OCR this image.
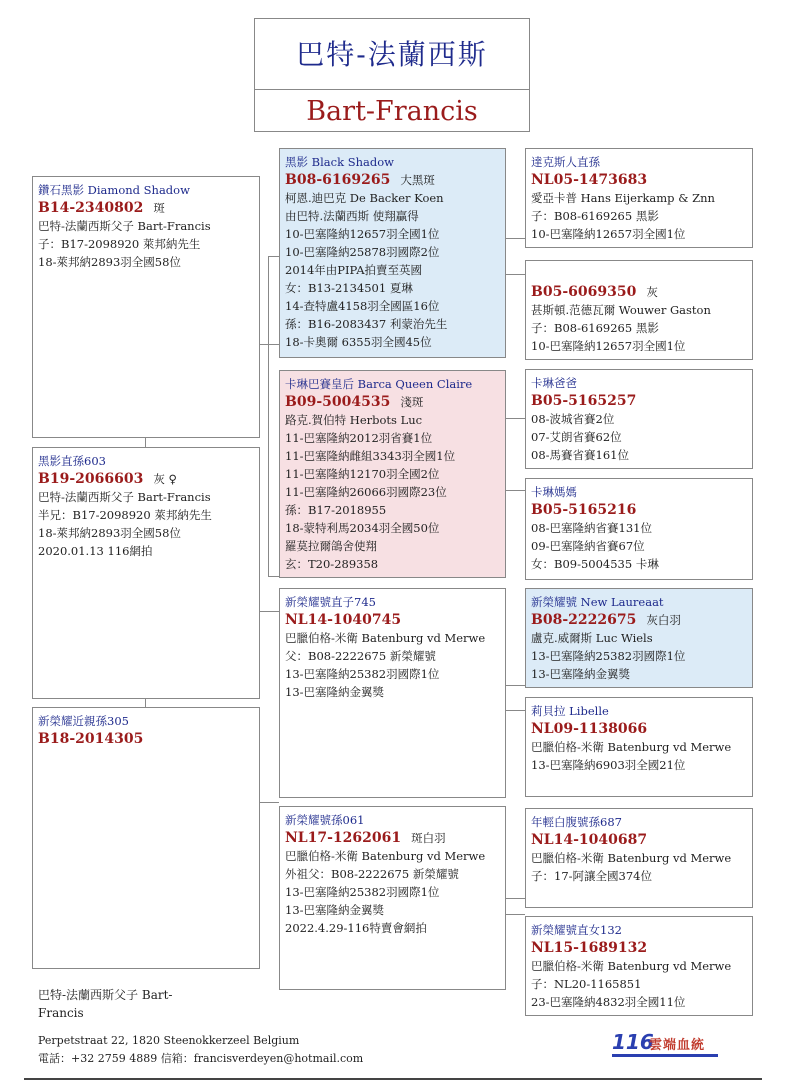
巴特-法蘭西斯
Bart-Francis
鑽石黑影 Diamond Shadow
B14-2340802 斑
巴特-法蘭西斯父子 Bart-Francis
子：B17-2098920 萊邦納先生
18-萊邦納2893羽全國58位
黑影 Black Shadow
B08-6169265 大黑斑
柯恩.迪巴克 De Backer Koen
由巴特.法蘭西斯 使翔贏得
10-巴塞隆納12657羽全國1位
10-巴塞隆納25878羽國際2位
2014年由PIPA拍賣至英國
女：B13-2134501 夏琳
14-查特盧4158羽全國區16位
孫：B16-2083437 利蒙治先生
18-卡奧爾 6355羽全國45位
卡琳巴賽皇后 Barca Queen Claire
B09-5004535 淺斑
路克.賀伯特 Herbots Luc
11-巴塞隆納2012羽省賽1位
11-巴塞隆納雌組3343羽全國1位
11-巴塞隆納12170羽全國2位
11-巴塞隆納26066羽國際23位
孫：B17-2018955
18-蒙特利馬2034羽全國50位
羅莫拉爾鴿舍使翔
玄：T20-289358
達克斯人直孫
NL05-1473683
愛亞卡普 Hans Eijerkamp & Znn
子：B08-6169265 黑影
10-巴塞隆納12657羽全國1位
B05-6069350 灰
甚斯頓.范德瓦爾 Wouwer Gaston
子：B08-6169265 黑影
10-巴塞隆納12657羽全國1位
卡琳爸爸
B05-5165257
08-波城省賽2位
07-艾朗省賽62位
08-馬賽省賽161位
卡琳媽媽
B05-5165216
08-巴塞隆納省賽131位
09-巴塞隆納省賽67位
女：B09-5004535 卡琳
黑影直孫603
B19-2066603 灰 ♀
巴特-法蘭西斯父子 Bart-Francis
半兄：B17-2098920 萊邦納先生
18-萊邦納2893羽全國58位
2020.01.13 116網拍
新榮耀號直子745
NL14-1040745
巴臘伯格-米衛 Batenburg vd Merwe
父：B08-2222675 新榮耀號
13-巴塞隆納25382羽國際1位
13-巴塞隆納金翼獎
新榮耀號 New Laureaat
B08-2222675 灰白羽
盧克.威爾斯 Luc Wiels
13-巴塞隆納25382羽國際1位
13-巴塞隆納金翼獎
莉貝拉 Libelle
NL09-1138066
巴臘伯格-米衛 Batenburg vd Merwe
13-巴塞隆納6903羽全國21位
新榮耀近親孫305
B18-2014305
新榮耀號孫061
NL17-1262061 斑白羽
巴臘伯格-米衛 Batenburg vd Merwe
外祖父：B08-2222675 新榮耀號
13-巴塞隆納25382羽國際1位
13-巴塞隆納金翼獎
2022.4.29-116特賣會網拍
年輕白腹號孫687
NL14-1040687
巴臘伯格-米衛 Batenburg vd Merwe
子：17-阿讓全國374位
新榮耀號直女132
NL15-1689132
巴臘伯格-米衛 Batenburg vd Merwe
子：NL20-1165851
23-巴塞隆納4832羽全國11位
巴特-法蘭西斯父子 Bart-
Francis
Perpetstraat 22, 1820 Steenokkerzeel Belgium
電話：+32 2759 4889 信箱：francisverdeyen@hotmail.com
116
雲端血統
